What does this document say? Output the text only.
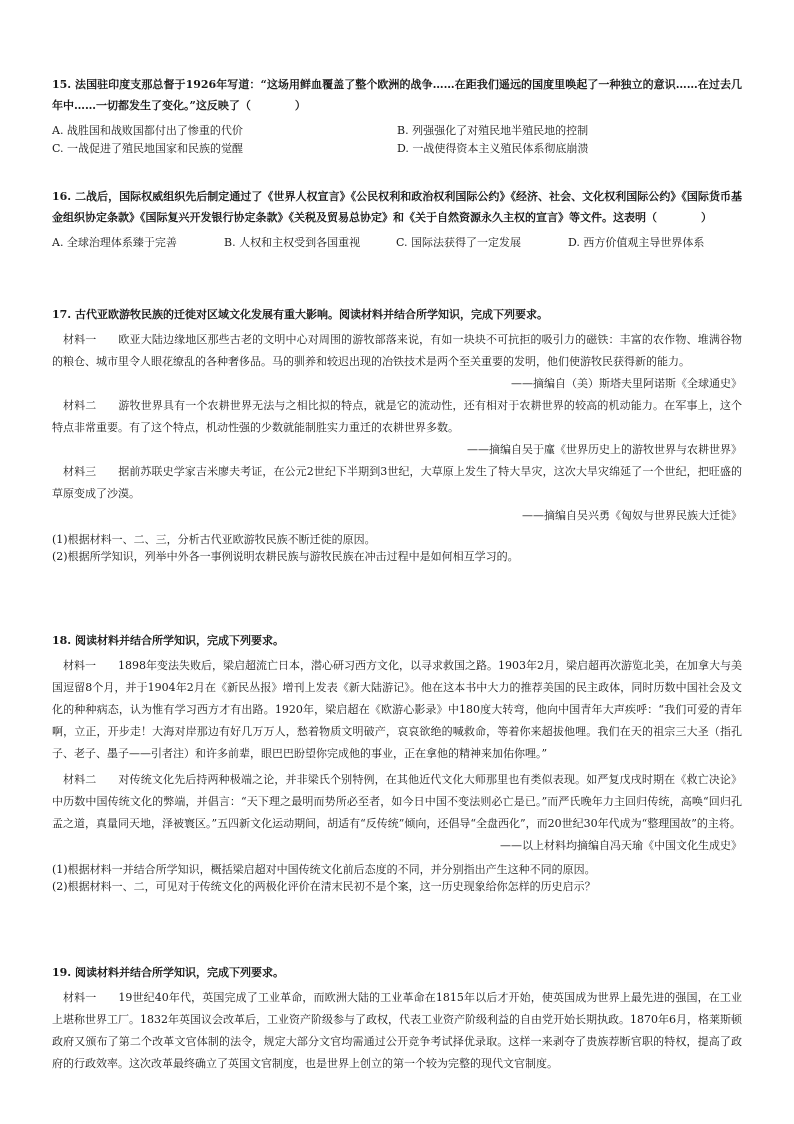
15. 法国驻印度支那总督于1926年写道：“这场用鲜血覆盖了整个欧洲的战争……在距我们遥远的国度里唤起了一种独立的意识……在过去几年中……一切都发生了变化。”这反映了（　　　　）
A. 战胜国和战败国都付出了惨重的代价	B. 列强强化了对殖民地半殖民地的控制
C. 一战促进了殖民地国家和民族的觉醒	D. 一战使得资本主义殖民体系彻底崩溃
16. 二战后，国际权威组织先后制定通过了《世界人权宣言》《公民权利和政治权利国际公约》《经济、社会、文化权利国际公约》《国际货币基金组织协定条款》《国际复兴开发银行协定条款》《关税及贸易总协定》和《关于自然资源永久主权的宣言》等文件。这表明（　　　　）
A. 全球治理体系臻于完善	B. 人权和主权受到各国重视	C. 国际法获得了一定发展	D. 西方价值观主导世界体系
17. 古代亚欧游牧民族的迁徙对区域文化发展有重大影响。阅读材料并结合所学知识，完成下列要求。
材料一 欧亚大陆边缘地区那些古老的文明中心对周围的游牧部落来说，有如一块块不可抗拒的吸引力的磁铁：丰富的农作物、堆满谷物的粮仓、城市里令人眼花缭乱的各种奢侈品。马的驯养和较迟出现的冶铁技术是两个至关重要的发明，他们使游牧民获得新的能力。
——摘编自（美）斯塔夫里阿诺斯《全球通史》
材料二 游牧世界具有一个农耕世界无法与之相比拟的特点，就是它的流动性，还有相对于农耕世界的较高的机动能力。在军事上，这个特点非常重要。有了这个特点，机动性强的少数就能制胜实力重迁的农耕世界多数。
——摘编自吴于廑《世界历史上的游牧世界与农耕世界》
材料三 据前苏联史学家吉米廖夫考证，在公元2世纪下半期到3世纪，大草原上发生了特大旱灾，这次大旱灾绵延了一个世纪，把旺盛的草原变成了沙漠。
——摘编自吴兴勇《匈奴与世界民族大迁徙》
(1)根据材料一、二、三，分析古代亚欧游牧民族不断迁徙的原因。
(2)根据所学知识，列举中外各一事例说明农耕民族与游牧民族在冲击过程中是如何相互学习的。
18. 阅读材料并结合所学知识，完成下列要求。
材料一 1898年变法失败后，梁启超流亡日本，潜心研习西方文化，以寻求救国之路。1903年2月，梁启超再次游览北美，在加拿大与美国逗留8个月，并于1904年2月在《新民丛报》增刊上发表《新大陆游记》。他在这本书中大力的推荐美国的民主政体，同时历数中国社会及文化的种种病态，认为惟有学习西方才有出路。1920年，梁启超在《欧游心影录》中180度大转弯，他向中国青年大声疾呼：“我们可爱的青年啊，立正，开步走！大海对岸那边有好几万万人，愁着物质文明破产，哀哀欲绝的喊救命，等着你来超拔他哩。我们在天的祖宗三大圣（指孔子、老子、墨子——引者注）和许多前辈，眼巴巴盼望你完成他的事业，正在拿他的精神来加佑你哩。”
材料二 对传统文化先后持两种极端之论，并非梁氏个别特例，在其他近代文化大师那里也有类似表现。如严复戊戌时期在《救亡决论》中历数中国传统文化的弊端，并倡言：“天下理之最明而势所必至者，如今日中国不变法则必亡是已。”而严氏晚年力主回归传统，高唤“回归孔孟之道，真量同天地，泽被寰区。”五四新文化运动期间，胡适有“反传统”倾向，还倡导“全盘西化”，而20世纪30年代成为“整理国故”的主将。
——以上材料均摘编自冯天瑜《中国文化生成史》
(1)根据材料一并结合所学知识，概括梁启超对中国传统文化前后态度的不同，并分别指出产生这种不同的原因。
(2)根据材料一、二，可见对于传统文化的两极化评价在清末民初不是个案，这一历史现象给你怎样的历史启示？
19. 阅读材料并结合所学知识，完成下列要求。
材料一 19世纪40年代，英国完成了工业革命，而欧洲大陆的工业革命在1815年以后才开始，使英国成为世界上最先进的强国，在工业上堪称世界工厂。1832年英国议会改革后，工业资产阶级参与了政权，代表工业资产阶级利益的自由党开始长期执政。1870年6月，格莱斯顿政府又颁布了第二个改革文官体制的法令，规定大部分文官均需通过公开竞争考试择优录取。这样一来剥夺了贵族荐断官职的特权，提高了政府的行政效率。这次改革最终确立了英国文官制度，也是世界上创立的第一个较为完整的现代文官制度。
